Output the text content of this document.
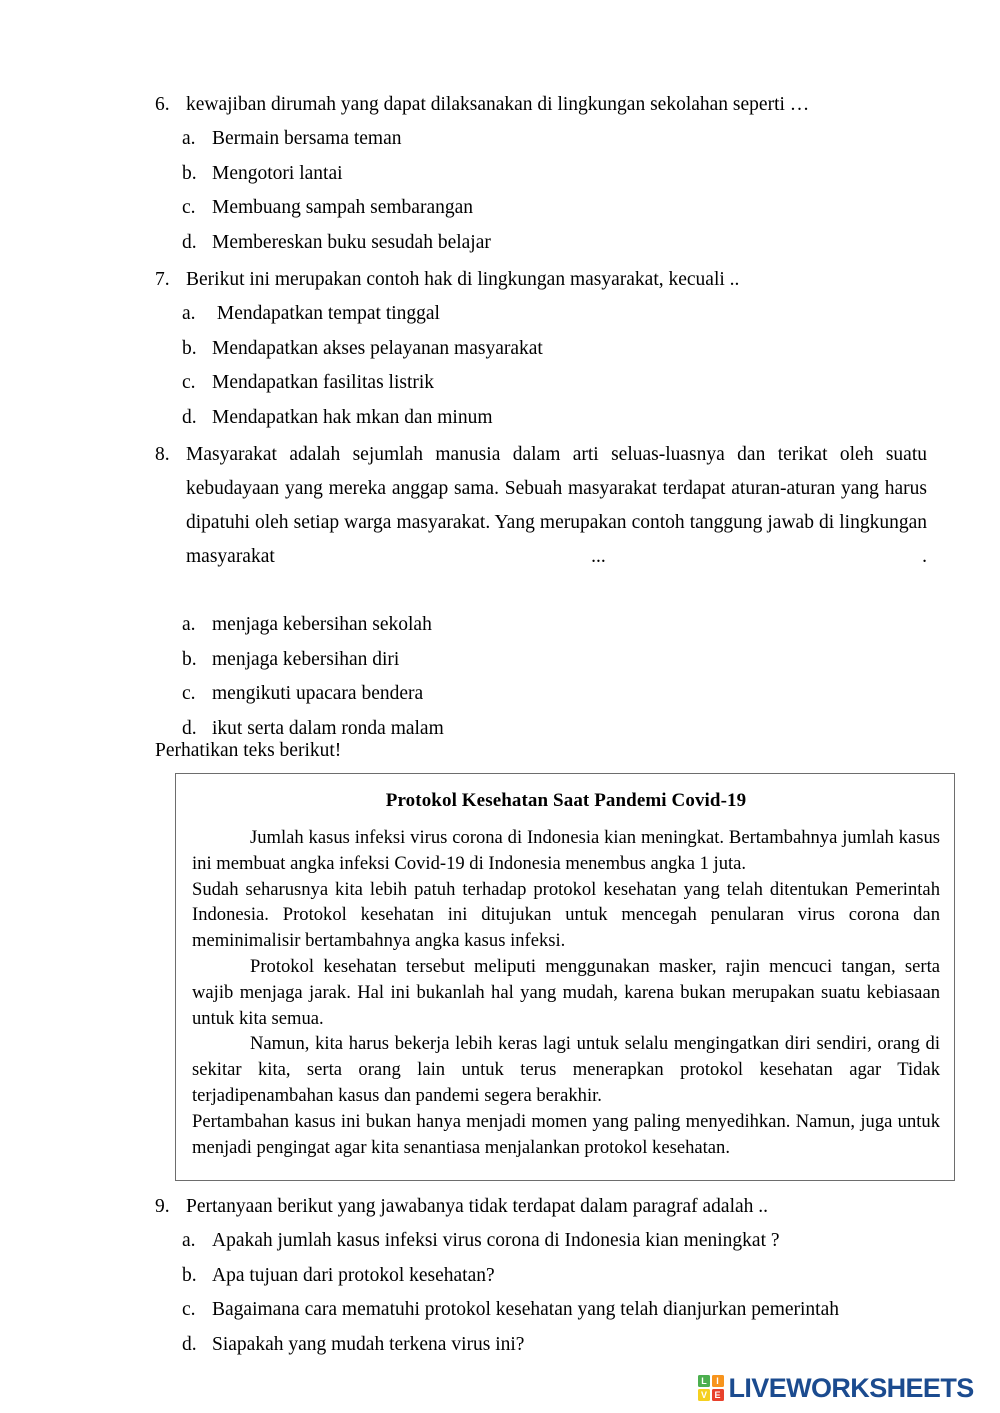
6. kewajiban dirumah yang dapat dilaksanakan di lingkungan sekolahan seperti …
a. Bermain bersama teman
b. Mengotori lantai
c. Membuang sampah sembarangan
d. Membereskan buku sesudah belajar
7. Berikut ini merupakan contoh hak di lingkungan masyarakat, kecuali ..
a. Mendapatkan tempat tinggal
b. Mendapatkan akses pelayanan masyarakat
c. Mendapatkan fasilitas listrik
d. Mendapatkan hak mkan dan minum
8. Masyarakat adalah sejumlah manusia dalam arti seluas-luasnya dan terikat oleh suatu kebudayaan yang mereka anggap sama. Sebuah masyarakat terdapat aturan-aturan yang harus dipatuhi oleh setiap warga masyarakat. Yang merupakan contoh tanggung jawab di lingkungan masyarakat ... .
a. menjaga kebersihan sekolah
b. menjaga kebersihan diri
c. mengikuti upacara bendera
d. ikut serta dalam ronda malam
Perhatikan teks berikut!
Protokol Kesehatan Saat Pandemi Covid-19

Jumlah kasus infeksi virus corona di Indonesia kian meningkat. Bertambahnya jumlah kasus ini membuat angka infeksi Covid-19 di Indonesia menembus angka 1 juta.

Sudah seharusnya kita lebih patuh terhadap protokol kesehatan yang telah ditentukan Pemerintah Indonesia. Protokol kesehatan ini ditujukan untuk mencegah penularan virus corona dan meminimalisir bertambahnya angka kasus infeksi.

Protokol kesehatan tersebut meliputi menggunakan masker, rajin mencuci tangan, serta wajib menjaga jarak. Hal ini bukanlah hal yang mudah, karena bukan merupakan suatu kebiasaan untuk kita semua.

Namun, kita harus bekerja lebih keras lagi untuk selalu mengingatkan diri sendiri, orang di sekitar kita, serta orang lain untuk terus menerapkan protokol kesehatan agar Tidak terjadipenambahan kasus dan pandemi segera berakhir.

Pertambahan kasus ini bukan hanya menjadi momen yang paling menyedihkan. Namun, juga untuk menjadi pengingat agar kita senantiasa menjalankan protokol kesehatan.

9. Pertanyaan berikut yang jawabanya tidak terdapat dalam paragraf adalah ..
a. Apakah jumlah kasus infeksi virus corona di Indonesia kian meningkat ?
b. Apa tujuan dari protokol kesehatan?
c. Bagaimana cara mematuhi protokol kesehatan yang telah dianjurkan pemerintah
d. Siapakah yang mudah terkena virus ini?
L	I
V E LIVEWORKSHEETS
